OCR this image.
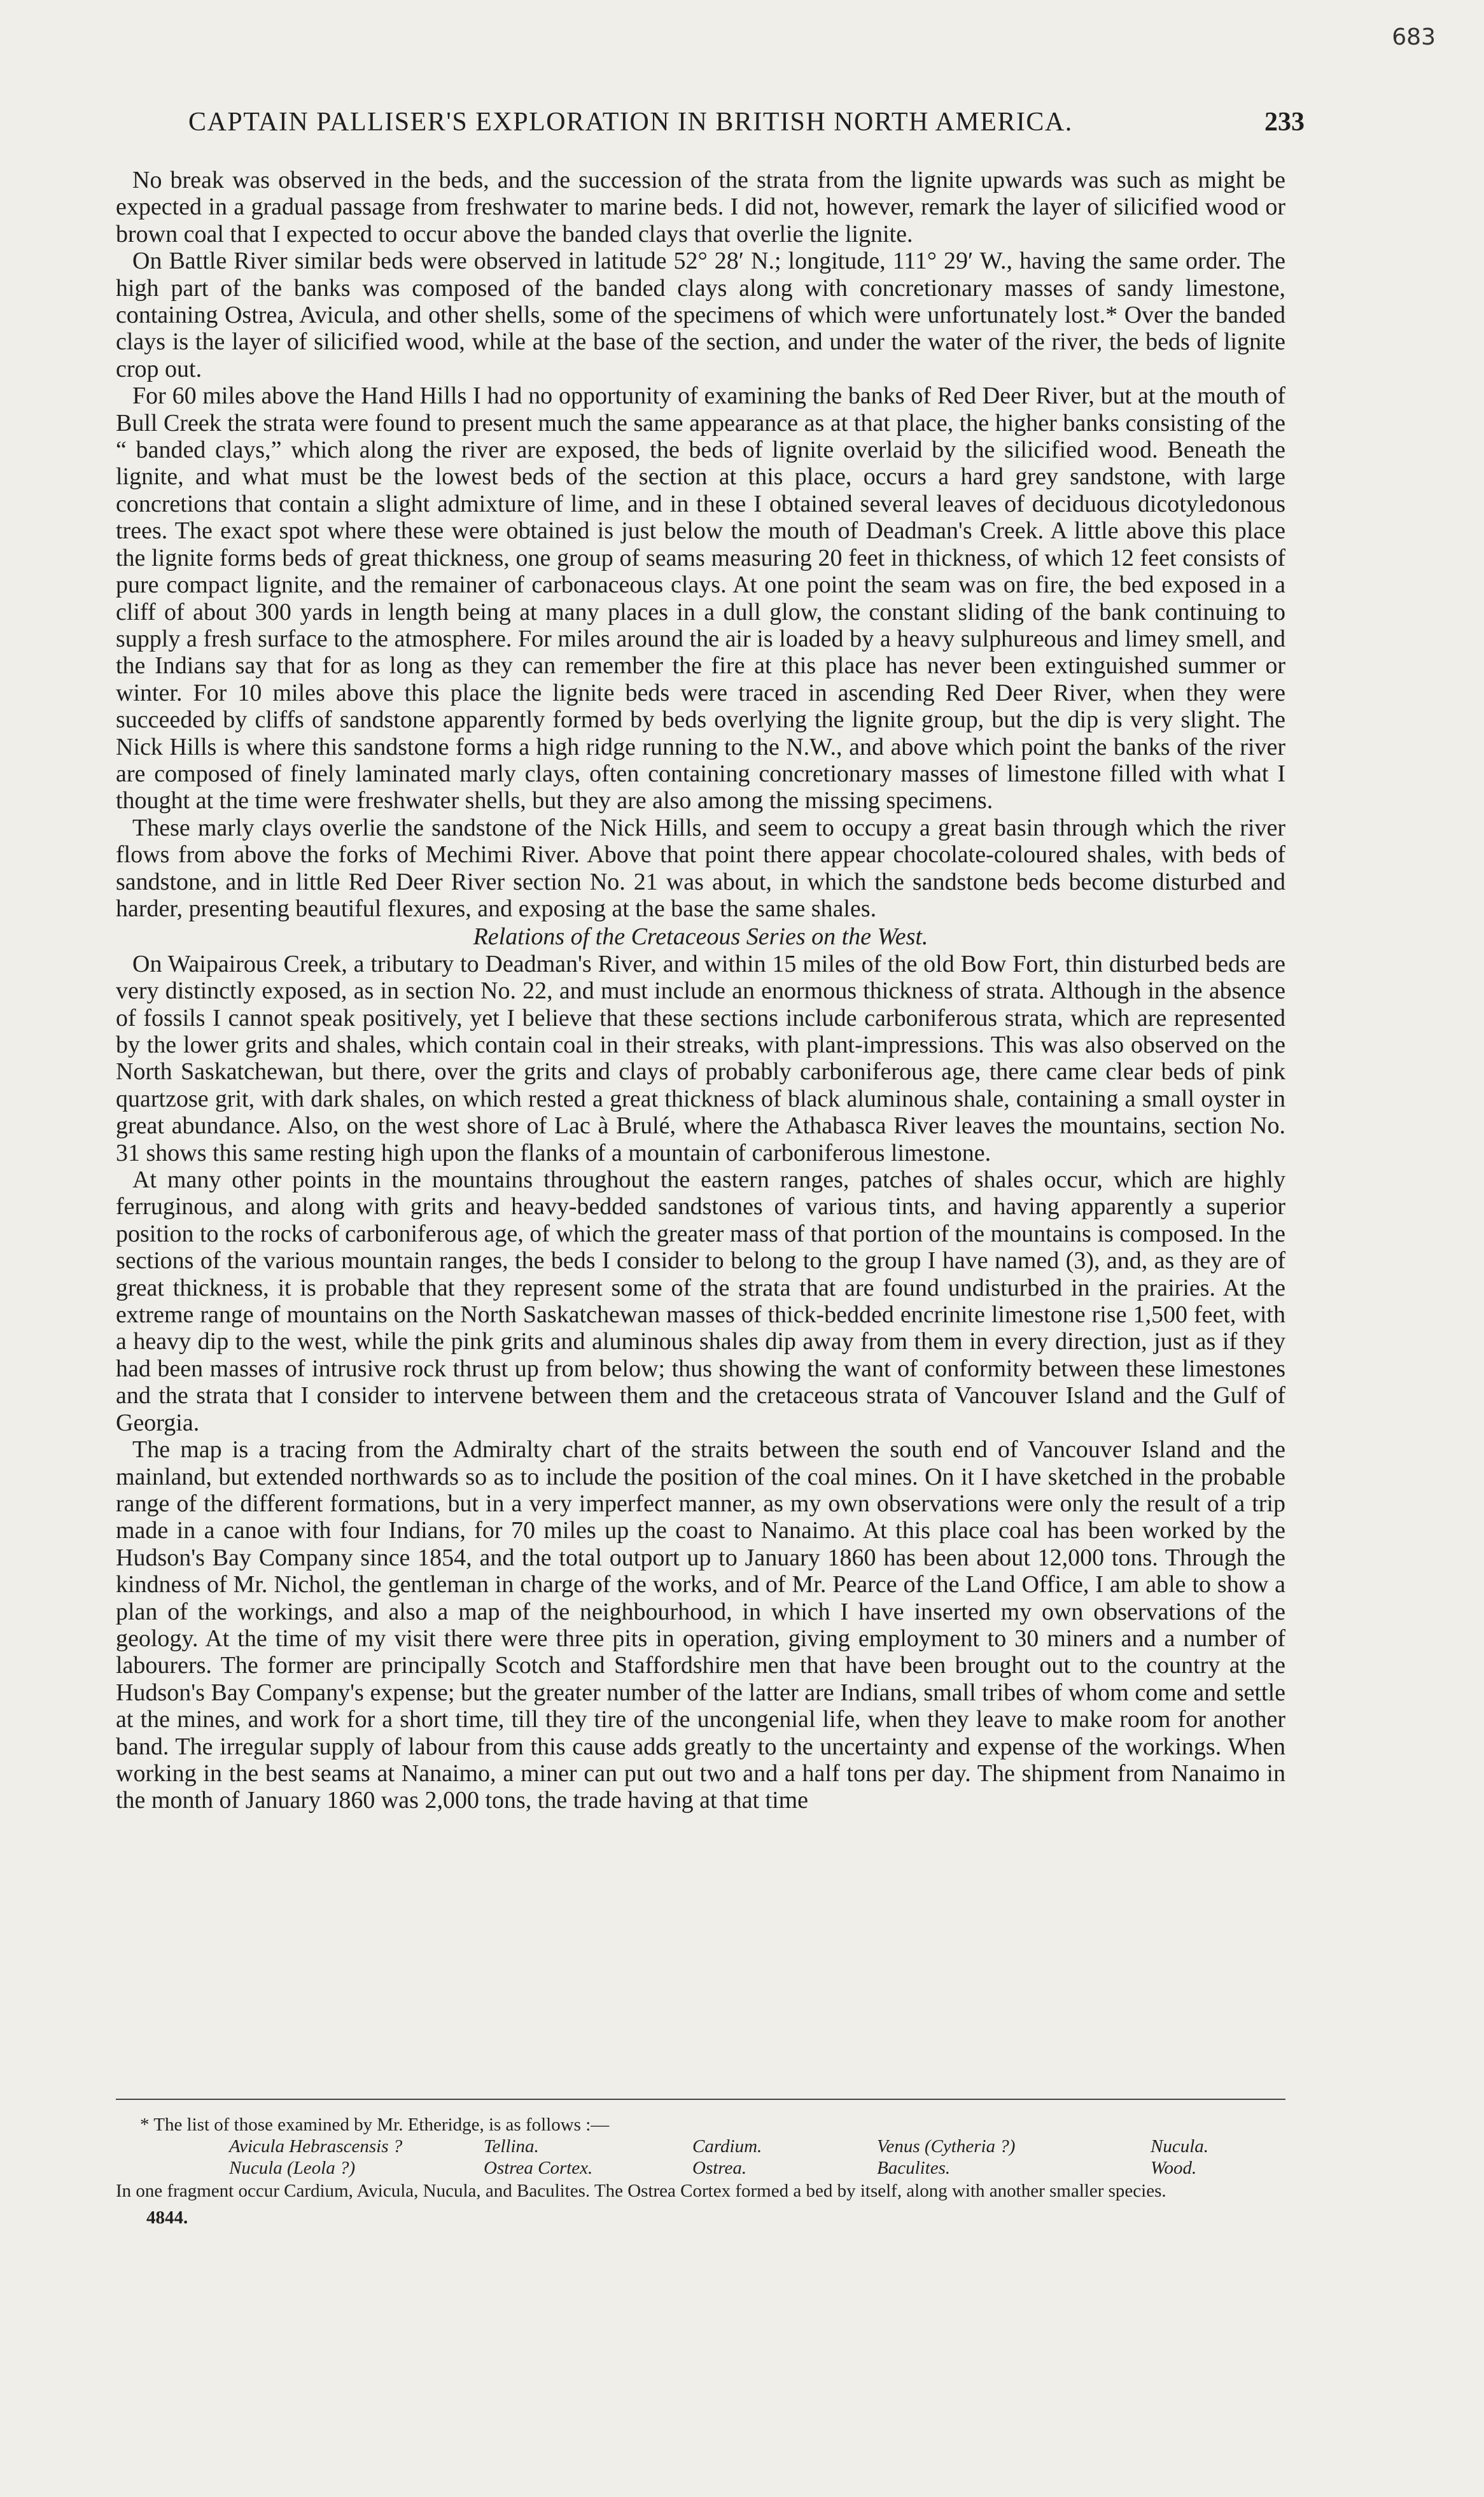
683
CAPTAIN PALLISER'S EXPLORATION IN BRITISH NORTH AMERICA.	233

No break was observed in the beds, and the succession of the strata from the lignite upwards was such as might be expected in a gradual passage from freshwater to marine beds. I did not, however, remark the layer of silicified wood or brown coal that I expected to occur above the banded clays that overlie the lignite.

On Battle River similar beds were observed in latitude 52° 28′ N.; longitude, 111° 29′ W., having the same order. The high part of the banks was composed of the banded clays along with concretionary masses of sandy limestone, containing Ostrea, Avicula, and other shells, some of the specimens of which were unfortunately lost.* Over the banded clays is the layer of silicified wood, while at the base of the section, and under the water of the river, the beds of lignite crop out.

For 60 miles above the Hand Hills I had no opportunity of examining the banks of Red Deer River, but at the mouth of Bull Creek the strata were found to present much the same appearance as at that place, the higher banks consisting of the “ banded clays,” which along the river are exposed, the beds of lignite overlaid by the silicified wood. Beneath the lignite, and what must be the lowest beds of the section at this place, occurs a hard grey sandstone, with large concretions that contain a slight admixture of lime, and in these I obtained several leaves of deciduous dicotyledonous trees. The exact spot where these were obtained is just below the mouth of Deadman's Creek. A little above this place the lignite forms beds of great thickness, one group of seams measuring 20 feet in thickness, of which 12 feet consists of pure compact lignite, and the remainer of carbonaceous clays. At one point the seam was on fire, the bed exposed in a cliff of about 300 yards in length being at many places in a dull glow, the constant sliding of the bank continuing to supply a fresh surface to the atmosphere. For miles around the air is loaded by a heavy sulphureous and limey smell, and the Indians say that for as long as they can remember the fire at this place has never been extinguished summer or winter. For 10 miles above this place the lignite beds were traced in ascending Red Deer River, when they were succeeded by cliffs of sandstone apparently formed by beds overlying the lignite group, but the dip is very slight. The Nick Hills is where this sandstone forms a high ridge running to the N.W., and above which point the banks of the river are composed of finely laminated marly clays, often containing concretionary masses of limestone filled with what I thought at the time were freshwater shells, but they are also among the missing specimens.

These marly clays overlie the sandstone of the Nick Hills, and seem to occupy a great basin through which the river flows from above the forks of Mechimi River. Above that point there appear chocolate-coloured shales, with beds of sandstone, and in little Red Deer River section No. 21 was about, in which the sandstone beds become disturbed and harder, presenting beautiful flexures, and exposing at the base the same shales.

Relations of the Cretaceous Series on the West.

On Waipairous Creek, a tributary to Deadman's River, and within 15 miles of the old Bow Fort, thin disturbed beds are very distinctly exposed, as in section No. 22, and must include an enormous thickness of strata. Although in the absence of fossils I cannot speak positively, yet I believe that these sections include carboniferous strata, which are represented by the lower grits and shales, which contain coal in their streaks, with plant-impressions. This was also observed on the North Saskatchewan, but there, over the grits and clays of probably carboniferous age, there came clear beds of pink quartzose grit, with dark shales, on which rested a great thickness of black aluminous shale, containing a small oyster in great abundance. Also, on the west shore of Lac à Brulé, where the Athabasca River leaves the mountains, section No. 31 shows this same resting high upon the flanks of a mountain of carboniferous limestone.

At many other points in the mountains throughout the eastern ranges, patches of shales occur, which are highly ferruginous, and along with grits and heavy-bedded sandstones of various tints, and having apparently a superior position to the rocks of carboniferous age, of which the greater mass of that portion of the mountains is composed. In the sections of the various mountain ranges, the beds I consider to belong to the group I have named (3), and, as they are of great thickness, it is probable that they represent some of the strata that are found undisturbed in the prairies. At the extreme range of mountains on the North Saskatchewan masses of thick-bedded encrinite limestone rise 1,500 feet, with a heavy dip to the west, while the pink grits and aluminous shales dip away from them in every direction, just as if they had been masses of intrusive rock thrust up from below; thus showing the want of conformity between these limestones and the strata that I consider to intervene between them and the cretaceous strata of Vancouver Island and the Gulf of Georgia.

The map is a tracing from the Admiralty chart of the straits between the south end of Vancouver Island and the mainland, but extended northwards so as to include the position of the coal mines. On it I have sketched in the probable range of the different formations, but in a very imperfect manner, as my own observations were only the result of a trip made in a canoe with four Indians, for 70 miles up the coast to Nanaimo. At this place coal has been worked by the Hudson's Bay Company since 1854, and the total outport up to January 1860 has been about 12,000 tons. Through the kindness of Mr. Nichol, the gentleman in charge of the works, and of Mr. Pearce of the Land Office, I am able to show a plan of the workings, and also a map of the neighbourhood, in which I have inserted my own observations of the geology. At the time of my visit there were three pits in operation, giving employment to 30 miners and a number of labourers. The former are principally Scotch and Staffordshire men that have been brought out to the country at the Hudson's Bay Company's expense; but the greater number of the latter are Indians, small tribes of whom come and settle at the mines, and work for a short time, till they tire of the uncongenial life, when they leave to make room for another band. The irregular supply of labour from this cause adds greatly to the uncertainty and expense of the workings. When working in the best seams at Nanaimo, a miner can put out two and a half tons per day. The shipment from Nanaimo in the month of January 1860 was 2,000 tons, the trade having at that time

* The list of those examined by Mr. Etheridge, is as follows :—
Avicula Hebrascensis ?	Tellina.	Cardium.	Venus (Cytheria ?)	Nucula.
Nucula (Leola ?)	Ostrea Cortex.	Ostrea.	Baculites.	Wood.
In one fragment occur Cardium, Avicula, Nucula, and Baculites. The Ostrea Cortex formed a bed by itself, along with another smaller species.
4844.
